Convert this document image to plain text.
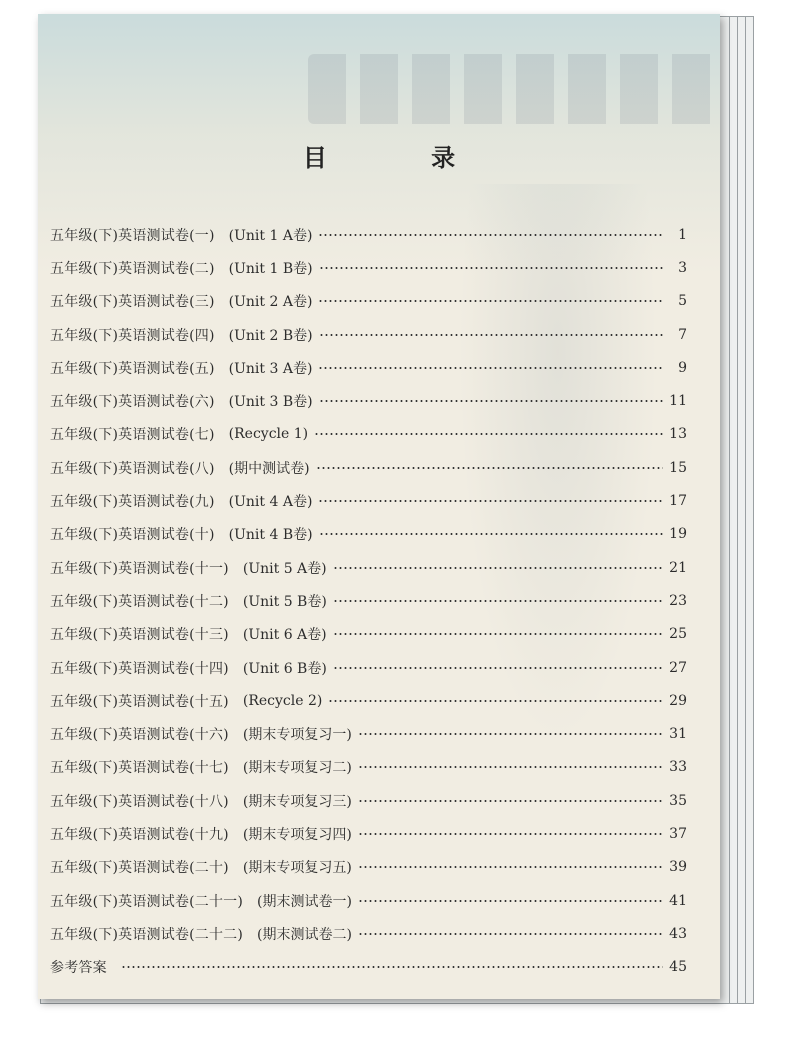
目 录
五年级(下)英语测试卷(一) (Unit 1 A卷)	1
五年级(下)英语测试卷(二) (Unit 1 B卷)	3
五年级(下)英语测试卷(三) (Unit 2 A卷)	5
五年级(下)英语测试卷(四) (Unit 2 B卷)	7
五年级(下)英语测试卷(五) (Unit 3 A卷)	9
五年级(下)英语测试卷(六) (Unit 3 B卷)	11
五年级(下)英语测试卷(七) (Recycle 1)	13
五年级(下)英语测试卷(八) (期中测试卷)	15
五年级(下)英语测试卷(九) (Unit 4 A卷)	17
五年级(下)英语测试卷(十) (Unit 4 B卷)	19
五年级(下)英语测试卷(十一) (Unit 5 A卷)	21
五年级(下)英语测试卷(十二) (Unit 5 B卷)	23
五年级(下)英语测试卷(十三) (Unit 6 A卷)	25
五年级(下)英语测试卷(十四) (Unit 6 B卷)	27
五年级(下)英语测试卷(十五) (Recycle 2)	29
五年级(下)英语测试卷(十六) (期末专项复习一)	31
五年级(下)英语测试卷(十七) (期末专项复习二)	33
五年级(下)英语测试卷(十八) (期末专项复习三)	35
五年级(下)英语测试卷(十九) (期末专项复习四)	37
五年级(下)英语测试卷(二十) (期末专项复习五)	39
五年级(下)英语测试卷(二十一) (期末测试卷一)	41
五年级(下)英语测试卷(二十二) (期末测试卷二)	43
参考答案	45
